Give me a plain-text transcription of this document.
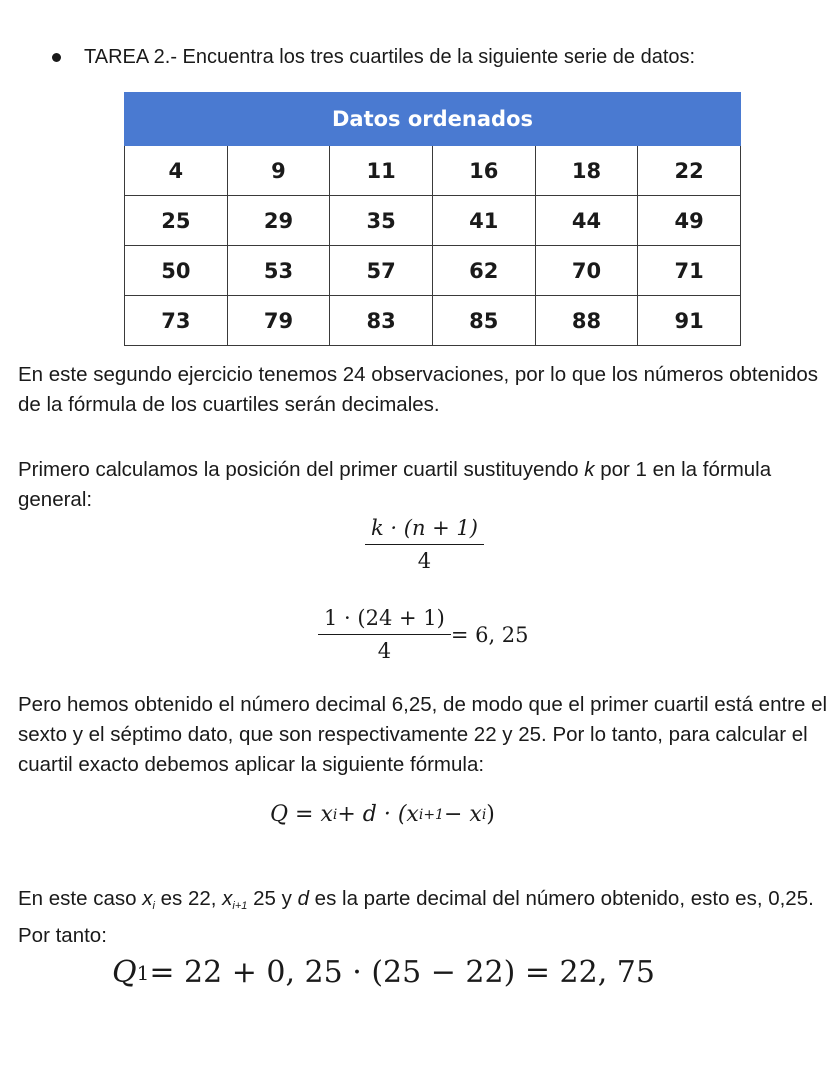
TAREA 2.- Encuentra los tres cuartiles de la siguiente serie de datos:
Datos ordenados					
4	9	11	16	18	22
25	29	35	41	44	49
50	53	57	62	70	71
73	79	83	85	88	91

En este segundo ejercicio tenemos 24 observaciones, por lo que los números obtenidos de la fórmula de los cuartiles serán decimales.

Primero calculamos la posición del primer cuartil sustituyendo k por 1 en la fórmula general:

$\frac{k \cdot (n + 1)}{4}$
$\frac{1 \cdot (24 + 1)}{4} = 6$, 25

Pero hemos obtenido el número decimal 6,25, de modo que el primer cuartil está entre el sexto y el séptimo dato, que son respectivamente 22 y 25. Por lo tanto, para calcular el cuartil exacto debemos aplicar la siguiente fórmula:

Q = x i + d · (x i+1 − x i )

En este caso xi es 22, xi+1 25 y d es la parte decimal del número obtenido, esto es, 0,25. Por tanto:

Q 1 = 22 + 0, 25 · (25 − 22) = 22, 75
